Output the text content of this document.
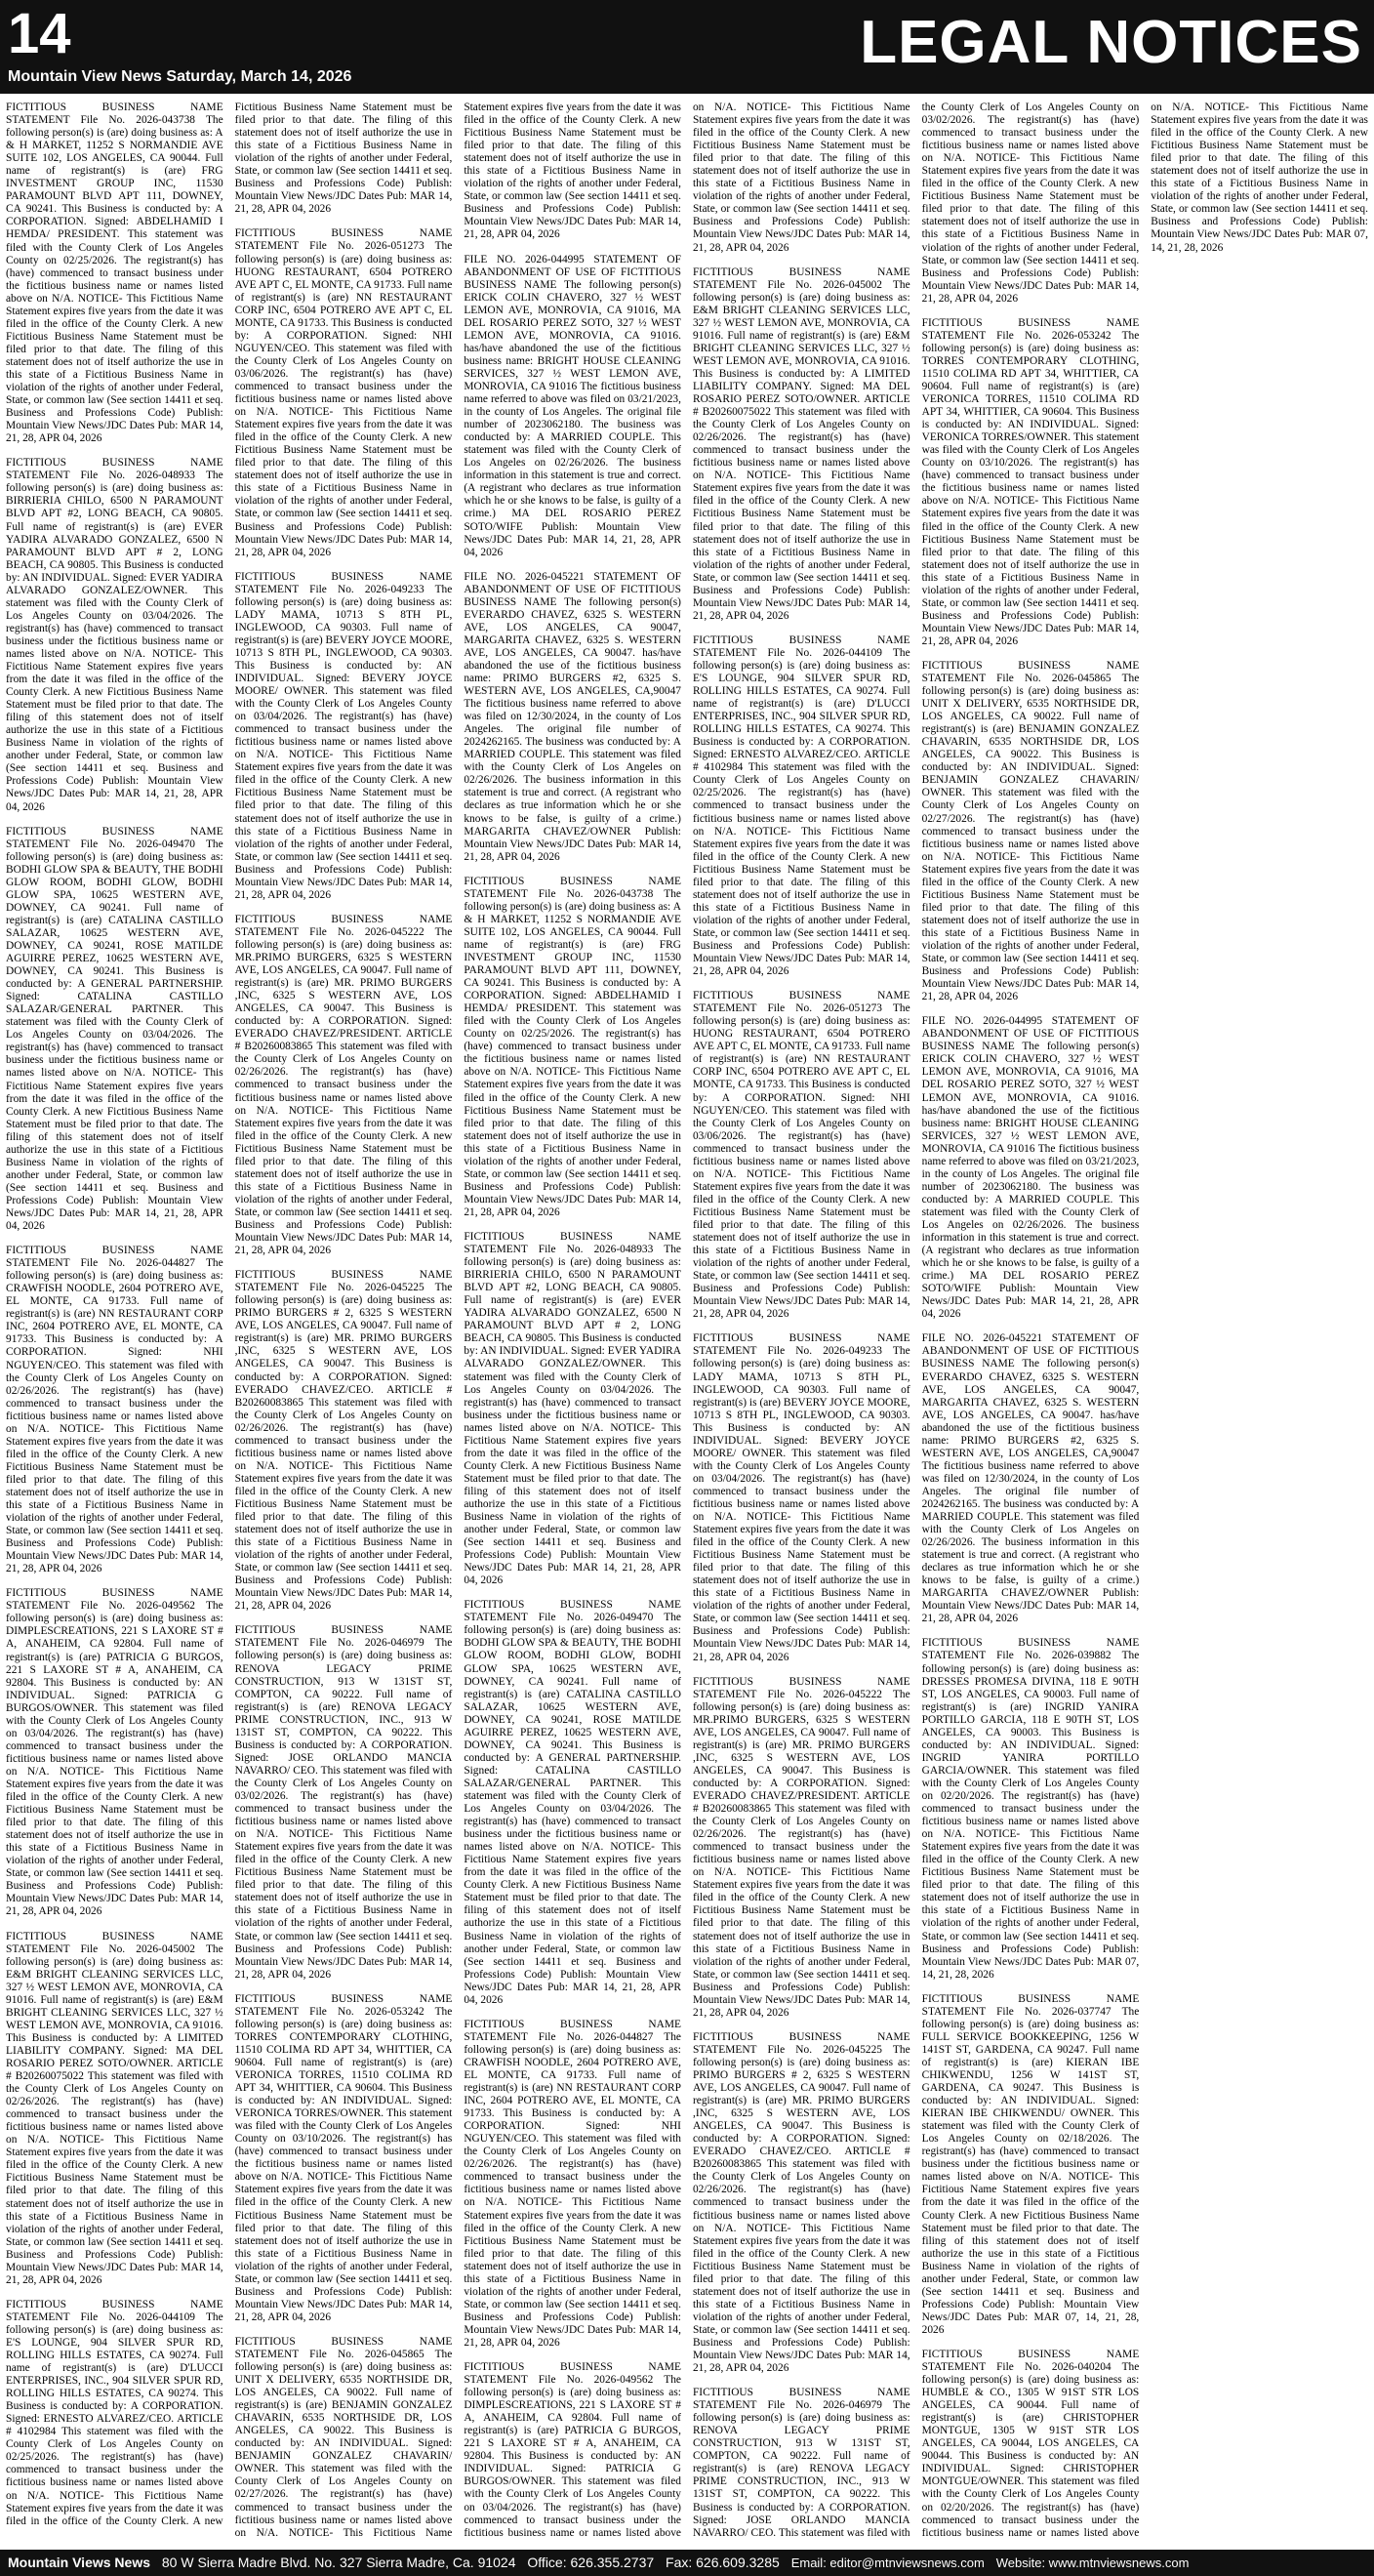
14
Mountain View News Saturday, March 14, 2026
LEGAL NOTICES

FICTITIOUS BUSINESS NAME STATEMENT File No. 2026-043738 The following person(s) is (are) doing business as: A & H MARKET, 11252 S NORMANDIE AVE SUITE 102, LOS ANGELES, CA 90044. Full name of registrant(s) is (are) FRG INVESTMENT GROUP INC, 11530 PARAMOUNT BLVD APT 111, DOWNEY, CA 90241. This Business is conducted by: A CORPORATION. Signed: ABDELHAMID I HEMDA/ PRESIDENT. This statement was filed with the County Clerk of Los Angeles County on 02/25/2026. The registrant(s) has (have) commenced to transact business under the fictitious business name or names listed above on N/A. NOTICE- This Fictitious Name Statement expires five years from the date it was filed in the office of the County Clerk. A new Fictitious Business Name Statement must be filed prior to that date. The filing of this statement does not of itself authorize the use in this state of a Fictitious Business Name in violation of the rights of another under Federal, State, or common law (See section 14411 et seq. Business and Professions Code) Publish: Mountain View News/JDC Dates Pub: MAR 14, 21, 28, APR 04, 2026

FICTITIOUS BUSINESS NAME STATEMENT File No. 2026-048933 The following person(s) is (are) doing business as: BIRRIERIA CHILO, 6500 N PARAMOUNT BLVD APT #2, LONG BEACH, CA 90805. Full name of registrant(s) is (are) EVER YADIRA ALVARADO GONZALEZ, 6500 N PARAMOUNT BLVD APT # 2, LONG BEACH, CA 90805. This Business is conducted by: AN INDIVIDUAL. Signed: EVER YADIRA ALVARADO GONZALEZ/OWNER. This statement was filed with the County Clerk of Los Angeles County on 03/04/2026. The registrant(s) has (have) commenced to transact business under the fictitious business name or names listed above on N/A. NOTICE- This Fictitious Name Statement expires five years from the date it was filed in the office of the County Clerk. A new Fictitious Business Name Statement must be filed prior to that date. The filing of this statement does not of itself authorize the use in this state of a Fictitious Business Name in violation of the rights of another under Federal, State, or common law (See section 14411 et seq. Business and Professions Code) Publish: Mountain View News/JDC Dates Pub: MAR 14, 21, 28, APR 04, 2026

FICTITIOUS BUSINESS NAME STATEMENT File No. 2026-049470 The following person(s) is (are) doing business as: BODHI GLOW SPA & BEAUTY, THE BODHI GLOW ROOM, BODHI GLOW, BODHI GLOW SPA, 10625 WESTERN AVE, DOWNEY, CA 90241. Full name of registrant(s) is (are) CATALINA CASTILLO SALAZAR, 10625 WESTERN AVE, DOWNEY, CA 90241, ROSE MATILDE AGUIRRE PEREZ, 10625 WESTERN AVE, DOWNEY, CA 90241. This Business is conducted by: A GENERAL PARTNERSHIP. Signed: CATALINA CASTILLO SALAZAR/GENERAL PARTNER. This statement was filed with the County Clerk of Los Angeles County on 03/04/2026. The registrant(s) has (have) commenced to transact business under the fictitious business name or names listed above on N/A. NOTICE- This Fictitious Name Statement expires five years from the date it was filed in the office of the County Clerk. A new Fictitious Business Name Statement must be filed prior to that date. The filing of this statement does not of itself authorize the use in this state of a Fictitious Business Name in violation of the rights of another under Federal, State, or common law (See section 14411 et seq. Business and Professions Code) Publish: Mountain View News/JDC Dates Pub: MAR 14, 21, 28, APR 04, 2026

FICTITIOUS BUSINESS NAME STATEMENT File No. 2026-044827 The following person(s) is (are) doing business as: CRAWFISH NOODLE, 2604 POTRERO AVE, EL MONTE, CA 91733. Full name of registrant(s) is (are) NN RESTAURANT CORP INC, 2604 POTRERO AVE, EL MONTE, CA 91733. This Business is conducted by: A CORPORATION. Signed: NHI NGUYEN/CEO. This statement was filed with the County Clerk of Los Angeles County on 02/26/2026. The registrant(s) has (have) commenced to transact business under the fictitious business name or names listed above on N/A. NOTICE- This Fictitious Name Statement expires five years from the date it was filed in the office of the County Clerk. A new Fictitious Business Name Statement must be filed prior to that date. The filing of this statement does not of itself authorize the use in this state of a Fictitious Business Name in violation of the rights of another under Federal, State, or common law (See section 14411 et seq. Business and Professions Code) Publish: Mountain View News/JDC Dates Pub: MAR 14, 21, 28, APR 04, 2026

FICTITIOUS BUSINESS NAME STATEMENT File No. 2026-049562 The following person(s) is (are) doing business as: DIMPLESCREATIONS, 221 S LAXORE ST # A, ANAHEIM, CA 92804. Full name of registrant(s) is (are) PATRICIA G BURGOS, 221 S LAXORE ST # A, ANAHEIM, CA 92804. This Business is conducted by: AN INDIVIDUAL. Signed: PATRICIA G BURGOS/OWNER. This statement was filed with the County Clerk of Los Angeles County on 03/04/2026. The registrant(s) has (have) commenced to transact business under the fictitious business name or names listed above on N/A. NOTICE- This Fictitious Name Statement expires five years from the date it was filed in the office of the County Clerk. A new Fictitious Business Name Statement must be filed prior to that date. The filing of this statement does not of itself authorize the use in this state of a Fictitious Business Name in violation of the rights of another under Federal, State, or common law (See section 14411 et seq. Business and Professions Code) Publish: Mountain View News/JDC Dates Pub: MAR 14, 21, 28, APR 04, 2026

FICTITIOUS BUSINESS NAME STATEMENT File No. 2026-045002 The following person(s) is (are) doing business as: E&M BRIGHT CLEANING SERVICES LLC, 327 ½ WEST LEMON AVE, MONROVIA, CA 91016. Full name of registrant(s) is (are) E&M BRIGHT CLEANING SERVICES LLC, 327 ½ WEST LEMON AVE, MONROVIA, CA 91016. This Business is conducted by: A LIMITED LIABILITY COMPANY. Signed: MA DEL ROSARIO PEREZ SOTO/OWNER. ARTICLE # B20260075022 This statement was filed with the County Clerk of Los Angeles County on 02/26/2026. The registrant(s) has (have) commenced to transact business under the fictitious business name or names listed above on N/A. NOTICE- This Fictitious Name Statement expires five years from the date it was filed in the office of the County Clerk. A new Fictitious Business Name Statement must be filed prior to that date. The filing of this statement does not of itself authorize the use in this state of a Fictitious Business Name in violation of the rights of another under Federal, State, or common law (See section 14411 et seq. Business and Professions Code) Publish: Mountain View News/JDC Dates Pub: MAR 14, 21, 28, APR 04, 2026

FICTITIOUS BUSINESS NAME STATEMENT File No. 2026-044109 The following person(s) is (are) doing business as: E'S LOUNGE, 904 SILVER SPUR RD, ROLLING HILLS ESTATES, CA 90274. Full name of registrant(s) is (are) D'LUCCI ENTERPRISES, INC., 904 SILVER SPUR RD, ROLLING HILLS ESTATES, CA 90274. This Business is conducted by: A CORPORATION. Signed: ERNESTO ALVAREZ/CEO. ARTICLE # 4102984 This statement was filed with the County Clerk of Los Angeles County on 02/25/2026. The registrant(s) has (have) commenced to transact business under the fictitious business name or names listed above on N/A. NOTICE- This Fictitious Name Statement expires five years from the date it was filed in the office of the County Clerk. A new Fictitious Business Name Statement must be filed prior to that date. The filing of this statement does not of itself authorize the use in this state of a Fictitious Business Name in violation of the rights of another under Federal, State, or common law (See section 14411 et seq. Business and Professions Code) Publish: Mountain View News/JDC Dates Pub: MAR 14, 21, 28, APR 04, 2026

FICTITIOUS BUSINESS NAME STATEMENT File No. 2026-051273 The following person(s) is (are) doing business as: HUONG RESTAURANT, 6504 POTRERO AVE APT C, EL MONTE, CA 91733. Full name of registrant(s) is (are) NN RESTAURANT CORP INC, 6504 POTRERO AVE APT C, EL MONTE, CA 91733. This Business is conducted by: A CORPORATION. Signed: NHI NGUYEN/CEO. This statement was filed with the County Clerk of Los Angeles County on 03/06/2026. The registrant(s) has (have) commenced to transact business under the fictitious business name or names listed above on N/A. NOTICE- This Fictitious Name Statement expires five years from the date it was filed in the office of the County Clerk. A new Fictitious Business Name Statement must be filed prior to that date. The filing of this statement does not of itself authorize the use in this state of a Fictitious Business Name in violation of the rights of another under Federal, State, or common law (See section 14411 et seq. Business and Professions Code) Publish: Mountain View News/JDC Dates Pub: MAR 14, 21, 28, APR 04, 2026

FICTITIOUS BUSINESS NAME STATEMENT File No. 2026-049233 The following person(s) is (are) doing business as: LADY MAMA, 10713 S 8TH PL, INGLEWOOD, CA 90303. Full name of registrant(s) is (are) BEVERY JOYCE MOORE, 10713 S 8TH PL, INGLEWOOD, CA 90303. This Business is conducted by: AN INDIVIDUAL. Signed: BEVERY JOYCE MOORE/ OWNER. This statement was filed with the County Clerk of Los Angeles County on 03/04/2026. The registrant(s) has (have) commenced to transact business under the fictitious business name or names listed above on N/A. NOTICE- This Fictitious Name Statement expires five years from the date it was filed in the office of the County Clerk. A new Fictitious Business Name Statement must be filed prior to that date. The filing of this statement does not of itself authorize the use in this state of a Fictitious Business Name in violation of the rights of another under Federal, State, or common law (See section 14411 et seq. Business and Professions Code) Publish: Mountain View News/JDC Dates Pub: MAR 14, 21, 28, APR 04, 2026

FICTITIOUS BUSINESS NAME STATEMENT File No. 2026-045222 The following person(s) is (are) doing business as: MR.PRIMO BURGERS, 6325 S WESTERN AVE, LOS ANGELES, CA 90047. Full name of registrant(s) is (are) MR. PRIMO BURGERS ,INC, 6325 S WESTERN AVE, LOS ANGELES, CA 90047. This Business is conducted by: A CORPORATION. Signed: EVERADO CHAVEZ/PRESIDENT. ARTICLE # B20260083865 This statement was filed with the County Clerk of Los Angeles County on 02/26/2026. The registrant(s) has (have) commenced to transact business under the fictitious business name or names listed above on N/A. NOTICE- This Fictitious Name Statement expires five years from the date it was filed in the office of the County Clerk. A new Fictitious Business Name Statement must be filed prior to that date. The filing of this statement does not of itself authorize the use in this state of a Fictitious Business Name in violation of the rights of another under Federal, State, or common law (See section 14411 et seq. Business and Professions Code) Publish: Mountain View News/JDC Dates Pub: MAR 14, 21, 28, APR 04, 2026

FICTITIOUS BUSINESS NAME STATEMENT File No. 2026-045225 The following person(s) is (are) doing business as: PRIMO BURGERS # 2, 6325 S WESTERN AVE, LOS ANGELES, CA 90047. Full name of registrant(s) is (are) MR. PRIMO BURGERS ,INC, 6325 S WESTERN AVE, LOS ANGELES, CA 90047. This Business is conducted by: A CORPORATION. Signed: EVERADO CHAVEZ/CEO. ARTICLE # B20260083865 This statement was filed with the County Clerk of Los Angeles County on 02/26/2026. The registrant(s) has (have) commenced to transact business under the fictitious business name or names listed above on N/A. NOTICE- This Fictitious Name Statement expires five years from the date it was filed in the office of the County Clerk. A new Fictitious Business Name Statement must be filed prior to that date. The filing of this statement does not of itself authorize the use in this state of a Fictitious Business Name in violation of the rights of another under Federal, State, or common law (See section 14411 et seq. Business and Professions Code) Publish: Mountain View News/JDC Dates Pub: MAR 14, 21, 28, APR 04, 2026

FICTITIOUS BUSINESS NAME STATEMENT File No. 2026-046979 The following person(s) is (are) doing business as: RENOVA LEGACY PRIME CONSTRUCTION, 913 W 131ST ST, COMPTON, CA 90222. Full name of registrant(s) is (are) RENOVA LEGACY PRIME CONSTRUCTION, INC., 913 W 131ST ST, COMPTON, CA 90222. This Business is conducted by: A CORPORATION. Signed: JOSE ORLANDO MANCIA NAVARRO/ CEO. This statement was filed with the County Clerk of Los Angeles County on 03/02/2026. The registrant(s) has (have) commenced to transact business under the fictitious business name or names listed above on N/A. NOTICE- This Fictitious Name Statement expires five years from the date it was filed in the office of the County Clerk. A new Fictitious Business Name Statement must be filed prior to that date. The filing of this statement does not of itself authorize the use in this state of a Fictitious Business Name in violation of the rights of another under Federal, State, or common law (See section 14411 et seq. Business and Professions Code) Publish: Mountain View News/JDC Dates Pub: MAR 14, 21, 28, APR 04, 2026

FICTITIOUS BUSINESS NAME STATEMENT File No. 2026-053242 The following person(s) is (are) doing business as: TORRES CONTEMPORARY CLOTHING, 11510 COLIMA RD APT 34, WHITTIER, CA 90604. Full name of registrant(s) is (are) VERONICA TORRES, 11510 COLIMA RD APT 34, WHITTIER, CA 90604. This Business is conducted by: AN INDIVIDUAL. Signed: VERONICA TORRES/OWNER. This statement was filed with the County Clerk of Los Angeles County on 03/10/2026. The registrant(s) has (have) commenced to transact business under the fictitious business name or names listed above on N/A. NOTICE- This Fictitious Name Statement expires five years from the date it was filed in the office of the County Clerk. A new Fictitious Business Name Statement must be filed prior to that date. The filing of this statement does not of itself authorize the use in this state of a Fictitious Business Name in violation of the rights of another under Federal, State, or common law (See section 14411 et seq. Business and Professions Code) Publish: Mountain View News/JDC Dates Pub: MAR 14, 21, 28, APR 04, 2026

FICTITIOUS BUSINESS NAME STATEMENT File No. 2026-045865 The following person(s) is (are) doing business as: UNIT X DELIVERY, 6535 NORTHSIDE DR, LOS ANGELES, CA 90022. Full name of registrant(s) is (are) BENJAMIN GONZALEZ CHAVARIN, 6535 NORTHSIDE DR, LOS ANGELES, CA 90022. This Business is conducted by: AN INDIVIDUAL. Signed: BENJAMIN GONZALEZ CHAVARIN/ OWNER. This statement was filed with the County Clerk of Los Angeles County on 02/27/2026. The registrant(s) has (have) commenced to transact business under the fictitious business name or names listed above on N/A. NOTICE- This Fictitious Name Statement expires five years from the date it was filed in the office of the County Clerk. A new Fictitious Business Name Statement must be filed prior to that date. The filing of this statement does not of itself authorize the use in this state of a Fictitious Business Name in violation of the rights of another under Federal, State, or common law (See section 14411 et seq. Business and Professions Code) Publish: Mountain View News/JDC Dates Pub: MAR 14, 21, 28, APR 04, 2026

FILE NO. 2026-044995 STATEMENT OF ABANDONMENT OF USE OF FICTITIOUS BUSINESS NAME The following person(s) ERICK COLIN CHAVERO, 327 ½ WEST LEMON AVE, MONROVIA, CA 91016, MA DEL ROSARIO PEREZ SOTO, 327 ½ WEST LEMON AVE, MONROVIA, CA 91016. has/have abandoned the use of the fictitious business name: BRIGHT HOUSE CLEANING SERVICES, 327 ½ WEST LEMON AVE, MONROVIA, CA 91016 The fictitious business name referred to above was filed on 03/21/2023, in the county of Los Angeles. The original file number of 2023062180. The business was conducted by: A MARRIED COUPLE. This statement was filed with the County Clerk of Los Angeles on 02/26/2026. The business information in this statement is true and correct. (A registrant who declares as true information which he or she knows to be false, is guilty of a crime.) MA DEL ROSARIO PEREZ SOTO/WIFE Publish: Mountain View News/JDC Dates Pub: MAR 14, 21, 28, APR 04, 2026

FILE NO. 2026-045221 STATEMENT OF ABANDONMENT OF USE OF FICTITIOUS BUSINESS NAME The following person(s) EVERARDO CHAVEZ, 6325 S. WESTERN AVE, LOS ANGELES, CA 90047, MARGARITA CHAVEZ, 6325 S. WESTERN AVE, LOS ANGELES, CA 90047. has/have abandoned the use of the fictitious business name: PRIMO BURGERS #2, 6325 S. WESTERN AVE, LOS ANGELES, CA,90047 The fictitious business name referred to above was filed on 12/30/2024, in the county of Los Angeles. The original file number of 2024262165. The business was conducted by: A MARRIED COUPLE. This statement was filed with the County Clerk of Los Angeles on 02/26/2026. The business information in this statement is true and correct. (A registrant who declares as true information which he or she knows to be false, is guilty of a crime.) MARGARITA CHAVEZ/OWNER Publish: Mountain View News/JDC Dates Pub: MAR 14, 21, 28, APR 04, 2026

FICTITIOUS BUSINESS NAME STATEMENT File No. 2026-043738 The following person(s) is (are) doing business as: A & H MARKET, 11252 S NORMANDIE AVE SUITE 102, LOS ANGELES, CA 90044. Full name of registrant(s) is (are) FRG INVESTMENT GROUP INC, 11530 PARAMOUNT BLVD APT 111, DOWNEY, CA 90241. This Business is conducted by: A CORPORATION. Signed: ABDELHAMID I HEMDA/ PRESIDENT. This statement was filed with the County Clerk of Los Angeles County on 02/25/2026. The registrant(s) has (have) commenced to transact business under the fictitious business name or names listed above on N/A. NOTICE- This Fictitious Name Statement expires five years from the date it was filed in the office of the County Clerk. A new Fictitious Business Name Statement must be filed prior to that date. The filing of this statement does not of itself authorize the use in this state of a Fictitious Business Name in violation of the rights of another under Federal, State, or common law (See section 14411 et seq. Business and Professions Code) Publish: Mountain View News/JDC Dates Pub: MAR 14, 21, 28, APR 04, 2026

FICTITIOUS BUSINESS NAME STATEMENT File No. 2026-048933 The following person(s) is (are) doing business as: BIRRIERIA CHILO, 6500 N PARAMOUNT BLVD APT #2, LONG BEACH, CA 90805. Full name of registrant(s) is (are) EVER YADIRA ALVARADO GONZALEZ, 6500 N PARAMOUNT BLVD APT # 2, LONG BEACH, CA 90805. This Business is conducted by: AN INDIVIDUAL. Signed: EVER YADIRA ALVARADO GONZALEZ/OWNER. This statement was filed with the County Clerk of Los Angeles County on 03/04/2026. The registrant(s) has (have) commenced to transact business under the fictitious business name or names listed above on N/A. NOTICE- This Fictitious Name Statement expires five years from the date it was filed in the office of the County Clerk. A new Fictitious Business Name Statement must be filed prior to that date. The filing of this statement does not of itself authorize the use in this state of a Fictitious Business Name in violation of the rights of another under Federal, State, or common law (See section 14411 et seq. Business and Professions Code) Publish: Mountain View News/JDC Dates Pub: MAR 14, 21, 28, APR 04, 2026

FICTITIOUS BUSINESS NAME STATEMENT File No. 2026-049470 The following person(s) is (are) doing business as: BODHI GLOW SPA & BEAUTY, THE BODHI GLOW ROOM, BODHI GLOW, BODHI GLOW SPA, 10625 WESTERN AVE, DOWNEY, CA 90241. Full name of registrant(s) is (are) CATALINA CASTILLO SALAZAR, 10625 WESTERN AVE, DOWNEY, CA 90241, ROSE MATILDE AGUIRRE PEREZ, 10625 WESTERN AVE, DOWNEY, CA 90241. This Business is conducted by: A GENERAL PARTNERSHIP. Signed: CATALINA CASTILLO SALAZAR/GENERAL PARTNER. This statement was filed with the County Clerk of Los Angeles County on 03/04/2026. The registrant(s) has (have) commenced to transact business under the fictitious business name or names listed above on N/A. NOTICE- This Fictitious Name Statement expires five years from the date it was filed in the office of the County Clerk. A new Fictitious Business Name Statement must be filed prior to that date. The filing of this statement does not of itself authorize the use in this state of a Fictitious Business Name in violation of the rights of another under Federal, State, or common law (See section 14411 et seq. Business and Professions Code) Publish: Mountain View News/JDC Dates Pub: MAR 14, 21, 28, APR 04, 2026

FICTITIOUS BUSINESS NAME STATEMENT File No. 2026-044827 The following person(s) is (are) doing business as: CRAWFISH NOODLE, 2604 POTRERO AVE, EL MONTE, CA 91733. Full name of registrant(s) is (are) NN RESTAURANT CORP INC, 2604 POTRERO AVE, EL MONTE, CA 91733. This Business is conducted by: A CORPORATION. Signed: NHI NGUYEN/CEO. This statement was filed with the County Clerk of Los Angeles County on 02/26/2026. The registrant(s) has (have) commenced to transact business under the fictitious business name or names listed above on N/A. NOTICE- This Fictitious Name Statement expires five years from the date it was filed in the office of the County Clerk. A new Fictitious Business Name Statement must be filed prior to that date. The filing of this statement does not of itself authorize the use in this state of a Fictitious Business Name in violation of the rights of another under Federal, State, or common law (See section 14411 et seq. Business and Professions Code) Publish: Mountain View News/JDC Dates Pub: MAR 14, 21, 28, APR 04, 2026

FICTITIOUS BUSINESS NAME STATEMENT File No. 2026-049562 The following person(s) is (are) doing business as: DIMPLESCREATIONS, 221 S LAXORE ST # A, ANAHEIM, CA 92804. Full name of registrant(s) is (are) PATRICIA G BURGOS, 221 S LAXORE ST # A, ANAHEIM, CA 92804. This Business is conducted by: AN INDIVIDUAL. Signed: PATRICIA G BURGOS/OWNER. This statement was filed with the County Clerk of Los Angeles County on 03/04/2026. The registrant(s) has (have) commenced to transact business under the fictitious business name or names listed above on N/A. NOTICE- This Fictitious Name Statement expires five years from the date it was filed in the office of the County Clerk. A new Fictitious Business Name Statement must be filed prior to that date. The filing of this statement does not of itself authorize the use in this state of a Fictitious Business Name in violation of the rights of another under Federal, State, or common law (See section 14411 et seq. Business and Professions Code) Publish: Mountain View News/JDC Dates Pub: MAR 14, 21, 28, APR 04, 2026

FICTITIOUS BUSINESS NAME STATEMENT File No. 2026-045002 The following person(s) is (are) doing business as: E&M BRIGHT CLEANING SERVICES LLC, 327 ½ WEST LEMON AVE, MONROVIA, CA 91016. Full name of registrant(s) is (are) E&M BRIGHT CLEANING SERVICES LLC, 327 ½ WEST LEMON AVE, MONROVIA, CA 91016. This Business is conducted by: A LIMITED LIABILITY COMPANY. Signed: MA DEL ROSARIO PEREZ SOTO/OWNER. ARTICLE # B20260075022 This statement was filed with the County Clerk of Los Angeles County on 02/26/2026. The registrant(s) has (have) commenced to transact business under the fictitious business name or names listed above on N/A. NOTICE- This Fictitious Name Statement expires five years from the date it was filed in the office of the County Clerk. A new Fictitious Business Name Statement must be filed prior to that date. The filing of this statement does not of itself authorize the use in this state of a Fictitious Business Name in violation of the rights of another under Federal, State, or common law (See section 14411 et seq. Business and Professions Code) Publish: Mountain View News/JDC Dates Pub: MAR 14, 21, 28, APR 04, 2026

FICTITIOUS BUSINESS NAME STATEMENT File No. 2026-044109 The following person(s) is (are) doing business as: E'S LOUNGE, 904 SILVER SPUR RD, ROLLING HILLS ESTATES, CA 90274. Full name of registrant(s) is (are) D'LUCCI ENTERPRISES, INC., 904 SILVER SPUR RD, ROLLING HILLS ESTATES, CA 90274. This Business is conducted by: A CORPORATION. Signed: ERNESTO ALVAREZ/CEO. ARTICLE # 4102984 This statement was filed with the County Clerk of Los Angeles County on 02/25/2026. The registrant(s) has (have) commenced to transact business under the fictitious business name or names listed above on N/A. NOTICE- This Fictitious Name Statement expires five years from the date it was filed in the office of the County Clerk. A new Fictitious Business Name Statement must be filed prior to that date. The filing of this statement does not of itself authorize the use in this state of a Fictitious Business Name in violation of the rights of another under Federal, State, or common law (See section 14411 et seq. Business and Professions Code) Publish: Mountain View News/JDC Dates Pub: MAR 14, 21, 28, APR 04, 2026

FICTITIOUS BUSINESS NAME STATEMENT File No. 2026-051273 The following person(s) is (are) doing business as: HUONG RESTAURANT, 6504 POTRERO AVE APT C, EL MONTE, CA 91733. Full name of registrant(s) is (are) NN RESTAURANT CORP INC, 6504 POTRERO AVE APT C, EL MONTE, CA 91733. This Business is conducted by: A CORPORATION. Signed: NHI NGUYEN/CEO. This statement was filed with the County Clerk of Los Angeles County on 03/06/2026. The registrant(s) has (have) commenced to transact business under the fictitious business name or names listed above on N/A. NOTICE- This Fictitious Name Statement expires five years from the date it was filed in the office of the County Clerk. A new Fictitious Business Name Statement must be filed prior to that date. The filing of this statement does not of itself authorize the use in this state of a Fictitious Business Name in violation of the rights of another under Federal, State, or common law (See section 14411 et seq. Business and Professions Code) Publish: Mountain View News/JDC Dates Pub: MAR 14, 21, 28, APR 04, 2026

FICTITIOUS BUSINESS NAME STATEMENT File No. 2026-049233 The following person(s) is (are) doing business as: LADY MAMA, 10713 S 8TH PL, INGLEWOOD, CA 90303. Full name of registrant(s) is (are) BEVERY JOYCE MOORE, 10713 S 8TH PL, INGLEWOOD, CA 90303. This Business is conducted by: AN INDIVIDUAL. Signed: BEVERY JOYCE MOORE/ OWNER. This statement was filed with the County Clerk of Los Angeles County on 03/04/2026. The registrant(s) has (have) commenced to transact business under the fictitious business name or names listed above on N/A. NOTICE- This Fictitious Name Statement expires five years from the date it was filed in the office of the County Clerk. A new Fictitious Business Name Statement must be filed prior to that date. The filing of this statement does not of itself authorize the use in this state of a Fictitious Business Name in violation of the rights of another under Federal, State, or common law (See section 14411 et seq. Business and Professions Code) Publish: Mountain View News/JDC Dates Pub: MAR 14, 21, 28, APR 04, 2026

FICTITIOUS BUSINESS NAME STATEMENT File No. 2026-045222 The following person(s) is (are) doing business as: MR.PRIMO BURGERS, 6325 S WESTERN AVE, LOS ANGELES, CA 90047. Full name of registrant(s) is (are) MR. PRIMO BURGERS ,INC, 6325 S WESTERN AVE, LOS ANGELES, CA 90047. This Business is conducted by: A CORPORATION. Signed: EVERADO CHAVEZ/PRESIDENT. ARTICLE # B20260083865 This statement was filed with the County Clerk of Los Angeles County on 02/26/2026. The registrant(s) has (have) commenced to transact business under the fictitious business name or names listed above on N/A. NOTICE- This Fictitious Name Statement expires five years from the date it was filed in the office of the County Clerk. A new Fictitious Business Name Statement must be filed prior to that date. The filing of this statement does not of itself authorize the use in this state of a Fictitious Business Name in violation of the rights of another under Federal, State, or common law (See section 14411 et seq. Business and Professions Code) Publish: Mountain View News/JDC Dates Pub: MAR 14, 21, 28, APR 04, 2026

FICTITIOUS BUSINESS NAME STATEMENT File No. 2026-045225 The following person(s) is (are) doing business as: PRIMO BURGERS # 2, 6325 S WESTERN AVE, LOS ANGELES, CA 90047. Full name of registrant(s) is (are) MR. PRIMO BURGERS ,INC, 6325 S WESTERN AVE, LOS ANGELES, CA 90047. This Business is conducted by: A CORPORATION. Signed: EVERADO CHAVEZ/CEO. ARTICLE # B20260083865 This statement was filed with the County Clerk of Los Angeles County on 02/26/2026. The registrant(s) has (have) commenced to transact business under the fictitious business name or names listed above on N/A. NOTICE- This Fictitious Name Statement expires five years from the date it was filed in the office of the County Clerk. A new Fictitious Business Name Statement must be filed prior to that date. The filing of this statement does not of itself authorize the use in this state of a Fictitious Business Name in violation of the rights of another under Federal, State, or common law (See section 14411 et seq. Business and Professions Code) Publish: Mountain View News/JDC Dates Pub: MAR 14, 21, 28, APR 04, 2026

FICTITIOUS BUSINESS NAME STATEMENT File No. 2026-046979 The following person(s) is (are) doing business as: RENOVA LEGACY PRIME CONSTRUCTION, 913 W 131ST ST, COMPTON, CA 90222. Full name of registrant(s) is (are) RENOVA LEGACY PRIME CONSTRUCTION, INC., 913 W 131ST ST, COMPTON, CA 90222. This Business is conducted by: A CORPORATION. Signed: JOSE ORLANDO MANCIA NAVARRO/ CEO. This statement was filed with the County Clerk of Los Angeles County on 03/02/2026. The registrant(s) has (have) commenced to transact business under the fictitious business name or names listed above on N/A. NOTICE- This Fictitious Name Statement expires five years from the date it was filed in the office of the County Clerk. A new Fictitious Business Name Statement must be filed prior to that date. The filing of this statement does not of itself authorize the use in this state of a Fictitious Business Name in violation of the rights of another under Federal, State, or common law (See section 14411 et seq. Business and Professions Code) Publish: Mountain View News/JDC Dates Pub: MAR 14, 21, 28, APR 04, 2026

FICTITIOUS BUSINESS NAME STATEMENT File No. 2026-053242 The following person(s) is (are) doing business as: TORRES CONTEMPORARY CLOTHING, 11510 COLIMA RD APT 34, WHITTIER, CA 90604. Full name of registrant(s) is (are) VERONICA TORRES, 11510 COLIMA RD APT 34, WHITTIER, CA 90604. This Business is conducted by: AN INDIVIDUAL. Signed: VERONICA TORRES/OWNER. This statement was filed with the County Clerk of Los Angeles County on 03/10/2026. The registrant(s) has (have) commenced to transact business under the fictitious business name or names listed above on N/A. NOTICE- This Fictitious Name Statement expires five years from the date it was filed in the office of the County Clerk. A new Fictitious Business Name Statement must be filed prior to that date. The filing of this statement does not of itself authorize the use in this state of a Fictitious Business Name in violation of the rights of another under Federal, State, or common law (See section 14411 et seq. Business and Professions Code) Publish: Mountain View News/JDC Dates Pub: MAR 14, 21, 28, APR 04, 2026

FICTITIOUS BUSINESS NAME STATEMENT File No. 2026-045865 The following person(s) is (are) doing business as: UNIT X DELIVERY, 6535 NORTHSIDE DR, LOS ANGELES, CA 90022. Full name of registrant(s) is (are) BENJAMIN GONZALEZ CHAVARIN, 6535 NORTHSIDE DR, LOS ANGELES, CA 90022. This Business is conducted by: AN INDIVIDUAL. Signed: BENJAMIN GONZALEZ CHAVARIN/ OWNER. This statement was filed with the County Clerk of Los Angeles County on 02/27/2026. The registrant(s) has (have) commenced to transact business under the fictitious business name or names listed above on N/A. NOTICE- This Fictitious Name Statement expires five years from the date it was filed in the office of the County Clerk. A new Fictitious Business Name Statement must be filed prior to that date. The filing of this statement does not of itself authorize the use in this state of a Fictitious Business Name in violation of the rights of another under Federal, State, or common law (See section 14411 et seq. Business and Professions Code) Publish: Mountain View News/JDC Dates Pub: MAR 14, 21, 28, APR 04, 2026

FILE NO. 2026-044995 STATEMENT OF ABANDONMENT OF USE OF FICTITIOUS BUSINESS NAME The following person(s) ERICK COLIN CHAVERO, 327 ½ WEST LEMON AVE, MONROVIA, CA 91016, MA DEL ROSARIO PEREZ SOTO, 327 ½ WEST LEMON AVE, MONROVIA, CA 91016. has/have abandoned the use of the fictitious business name: BRIGHT HOUSE CLEANING SERVICES, 327 ½ WEST LEMON AVE, MONROVIA, CA 91016 The fictitious business name referred to above was filed on 03/21/2023, in the county of Los Angeles. The original file number of 2023062180. The business was conducted by: A MARRIED COUPLE. This statement was filed with the County Clerk of Los Angeles on 02/26/2026. The business information in this statement is true and correct. (A registrant who declares as true information which he or she knows to be false, is guilty of a crime.) MA DEL ROSARIO PEREZ SOTO/WIFE Publish: Mountain View News/JDC Dates Pub: MAR 14, 21, 28, APR 04, 2026

FILE NO. 2026-045221 STATEMENT OF ABANDONMENT OF USE OF FICTITIOUS BUSINESS NAME The following person(s) EVERARDO CHAVEZ, 6325 S. WESTERN AVE, LOS ANGELES, CA 90047, MARGARITA CHAVEZ, 6325 S. WESTERN AVE, LOS ANGELES, CA 90047. has/have abandoned the use of the fictitious business name: PRIMO BURGERS #2, 6325 S. WESTERN AVE, LOS ANGELES, CA,90047 The fictitious business name referred to above was filed on 12/30/2024, in the county of Los Angeles. The original file number of 2024262165. The business was conducted by: A MARRIED COUPLE. This statement was filed with the County Clerk of Los Angeles on 02/26/2026. The business information in this statement is true and correct. (A registrant who declares as true information which he or she knows to be false, is guilty of a crime.) MARGARITA CHAVEZ/OWNER Publish: Mountain View News/JDC Dates Pub: MAR 14, 21, 28, APR 04, 2026

FICTITIOUS BUSINESS NAME STATEMENT File No. 2026-039882 The following person(s) is (are) doing business as: DRESSES PROMESA DIVINA, 118 E 90TH ST, LOS ANGELES, CA 90003. Full name of registrant(s) is (are) INGRID YANIRA PORTILLO GARCIA, 118 E 90TH ST, LOS ANGELES, CA 90003. This Business is conducted by: AN INDIVIDUAL. Signed: INGRID YANIRA PORTILLO GARCIA/OWNER. This statement was filed with the County Clerk of Los Angeles County on 02/20/2026. The registrant(s) has (have) commenced to transact business under the fictitious business name or names listed above on N/A. NOTICE- This Fictitious Name Statement expires five years from the date it was filed in the office of the County Clerk. A new Fictitious Business Name Statement must be filed prior to that date. The filing of this statement does not of itself authorize the use in this state of a Fictitious Business Name in violation of the rights of another under Federal, State, or common law (See section 14411 et seq. Business and Professions Code) Publish: Mountain View News/JDC Dates Pub: MAR 07, 14, 21, 28, 2026

FICTITIOUS BUSINESS NAME STATEMENT File No. 2026-037747 The following person(s) is (are) doing business as: FULL SERVICE BOOKKEEPING, 1256 W 141ST ST, GARDENA, CA 90247. Full name of registrant(s) is (are) KIERAN IBE CHIKWENDU, 1256 W 141ST ST, GARDENA, CA 90247. This Business is conducted by: AN INDIVIDUAL. Signed: KIERAN IBE CHIKWENDU/ OWNER. This statement was filed with the County Clerk of Los Angeles County on 02/18/2026. The registrant(s) has (have) commenced to transact business under the fictitious business name or names listed above on N/A. NOTICE- This Fictitious Name Statement expires five years from the date it was filed in the office of the County Clerk. A new Fictitious Business Name Statement must be filed prior to that date. The filing of this statement does not of itself authorize the use in this state of a Fictitious Business Name in violation of the rights of another under Federal, State, or common law (See section 14411 et seq. Business and Professions Code) Publish: Mountain View News/JDC Dates Pub: MAR 07, 14, 21, 28, 2026

FICTITIOUS BUSINESS NAME STATEMENT File No. 2026-040204 The following person(s) is (are) doing business as: HUMBLE & CO., 1305 W 91ST STR LOS ANGELES, CA 90044. Full name of registrant(s) is (are) CHRISTOPHER MONTGUE, 1305 W 91ST STR LOS ANGELES, CA 90044, LOS ANGELES, CA 90044. This Business is conducted by: AN INDIVIDUAL. Signed: CHRISTOPHER MONTGUE/OWNER. This statement was filed with the County Clerk of Los Angeles County on 02/20/2026. The registrant(s) has (have) commenced to transact business under the fictitious business name or names listed above on N/A. NOTICE- This Fictitious Name Statement expires five years from the date it was filed in the office of the County Clerk. A new Fictitious Business Name Statement must be filed prior to that date. The filing of this statement does not of itself authorize the use in this state of a Fictitious Business Name in violation of the rights of another under Federal, State, or common law (See section 14411 et seq. Business and Professions Code) Publish: Mountain View News/JDC Dates Pub: MAR 07, 14, 21, 28, 2026

Mountain Views News 80 W Sierra Madre Blvd. No. 327 Sierra Madre, Ca. 91024 Office: 626.355.2737 Fax: 626.609.3285 Email: editor@mtnviewsnews.com Website: www.mtnviewsnews.com
